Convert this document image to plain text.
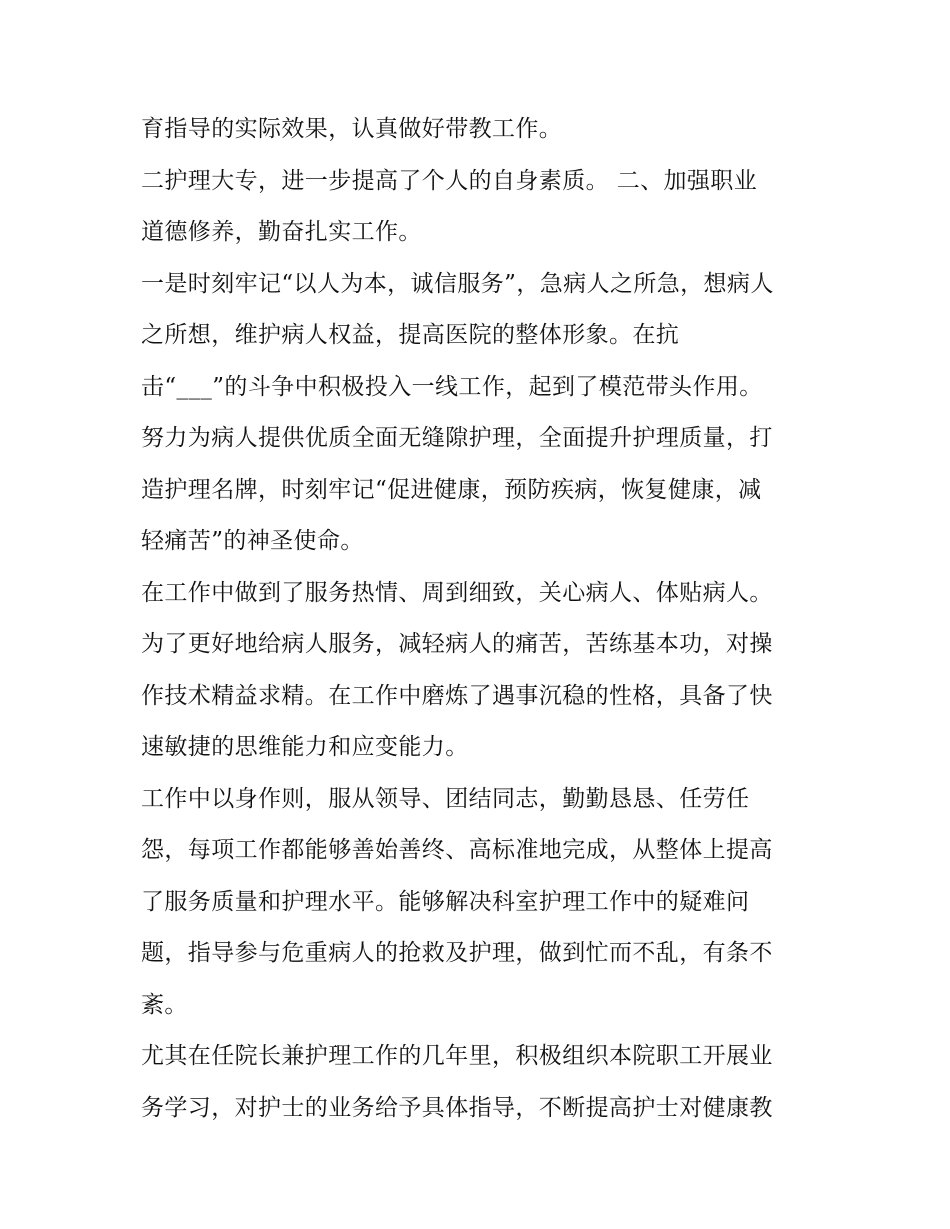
育指导的实际效果，认真做好带教工作。
二护理大专，进一步提高了个人的自身素质。 二、加强职业
道德修养，勤奋扎实工作。
一是时刻牢记“以人为本，诚信服务”，急病人之所急，想病人
之所想，维护病人权益，提高医院的整体形象。在抗
击“___”的斗争中积极投入一线工作，起到了模范带头作用。
努力为病人提供优质全面无缝隙护理，全面提升护理质量，打
造护理名牌，时刻牢记“促进健康，预防疾病，恢复健康，减
轻痛苦”的神圣使命。
在工作中做到了服务热情、周到细致，关心病人、体贴病人。
为了更好地给病人服务，减轻病人的痛苦，苦练基本功，对操
作技术精益求精。在工作中磨炼了遇事沉稳的性格，具备了快
速敏捷的思维能力和应变能力。
工作中以身作则，服从领导、团结同志，勤勤恳恳、任劳任
怨，每项工作都能够善始善终、高标准地完成，从整体上提高
了服务质量和护理水平。能够解决科室护理工作中的疑难问
题，指导参与危重病人的抢救及护理，做到忙而不乱，有条不
紊。
尤其在任院长兼护理工作的几年里，积极组织本院职工开展业
务学习，对护士的业务给予具体指导，不断提高护士对健康教
